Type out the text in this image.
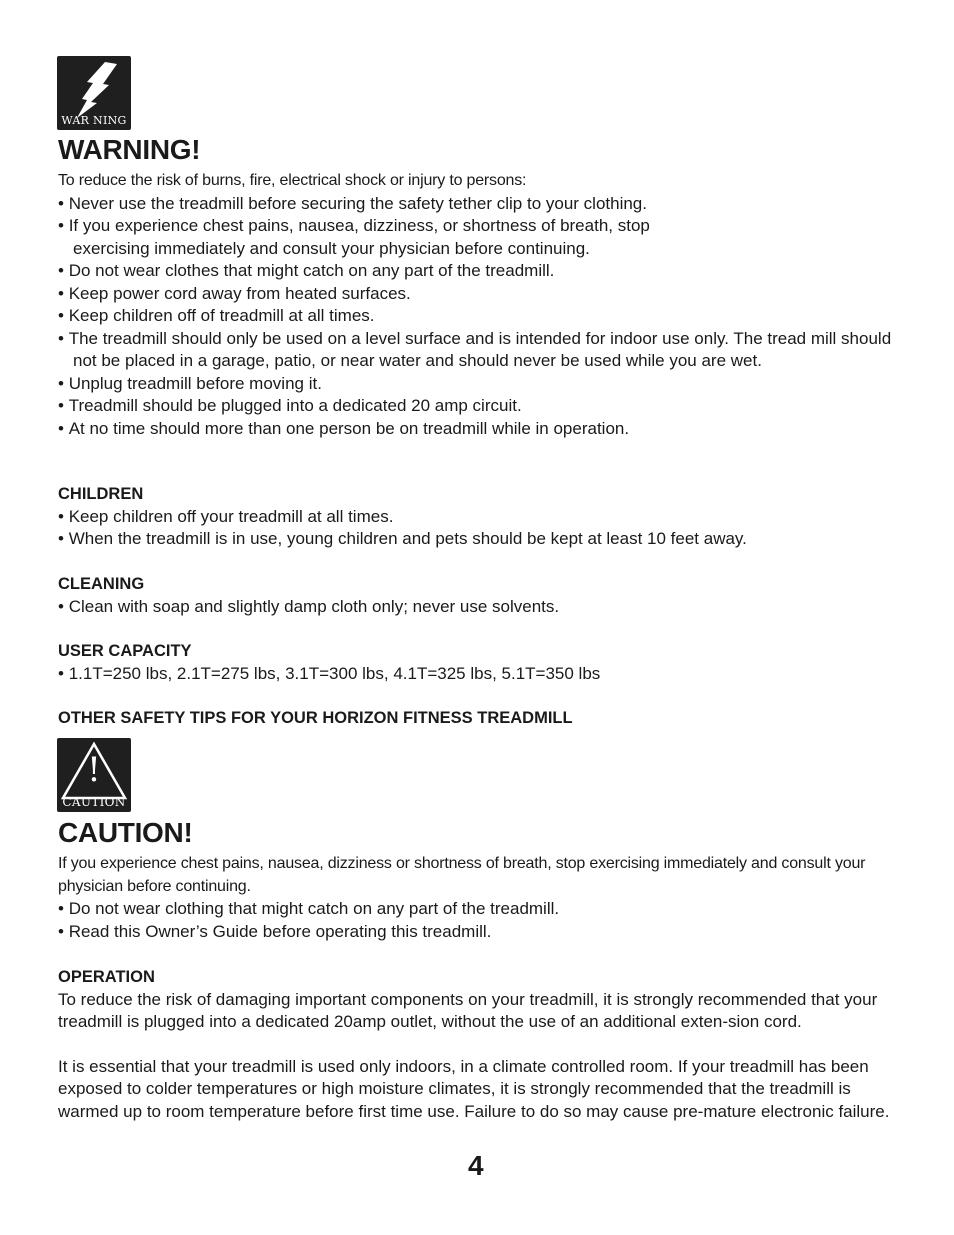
WAR NING
WARNING!
To reduce the risk of burns, fire, electrical shock or injury to persons:
• Never use the treadmill before securing the safety tether clip to your clothing.
• If you experience chest pains, nausea, dizziness, or shortness of breath, stop exercising immediately and consult your physician before continuing.
• Do not wear clothes that might catch on any part of the treadmill.
• Keep power cord away from heated surfaces.
• Keep children off of treadmill at all times.
• The treadmill should only be used on a level surface and is intended for indoor use only. The tread mill should not be placed in a garage, patio, or near water and should never be used while you are wet.
• Unplug treadmill before moving it.
• Treadmill should be plugged into a dedicated 20 amp circuit.
• At no time should more than one person be on treadmill while in operation.
CHILDREN
• Keep children off your treadmill at all times.
• When the treadmill is in use, young children and pets should be kept at least 10 feet away.
CLEANING
• Clean with soap and slightly damp cloth only; never use solvents.
USER CAPACITY
• 1.1T=250 lbs, 2.1T=275 lbs, 3.1T=300 lbs, 4.1T=325 lbs, 5.1T=350 lbs
OTHER SAFETY TIPS FOR YOUR HORIZON FITNESS TREADMILL
!
CAUTION
CAUTION!
If you experience chest pains, nausea, dizziness or shortness of breath, stop exercising immediately and consult your physician before continuing.
• Do not wear clothing that might catch on any part of the treadmill.
• Read this Owner’s Guide before operating this treadmill.
OPERATION

To reduce the risk of damaging important components on your treadmill, it is strongly recommended that your treadmill is plugged into a dedicated 20amp outlet, without the use of an additional exten-sion cord.

It is essential that your treadmill is used only indoors, in a climate controlled room. If your treadmill has been exposed to colder temperatures or high moisture climates, it is strongly recommended that the treadmill is warmed up to room temperature before first time use. Failure to do so may cause pre-mature electronic failure.

4
